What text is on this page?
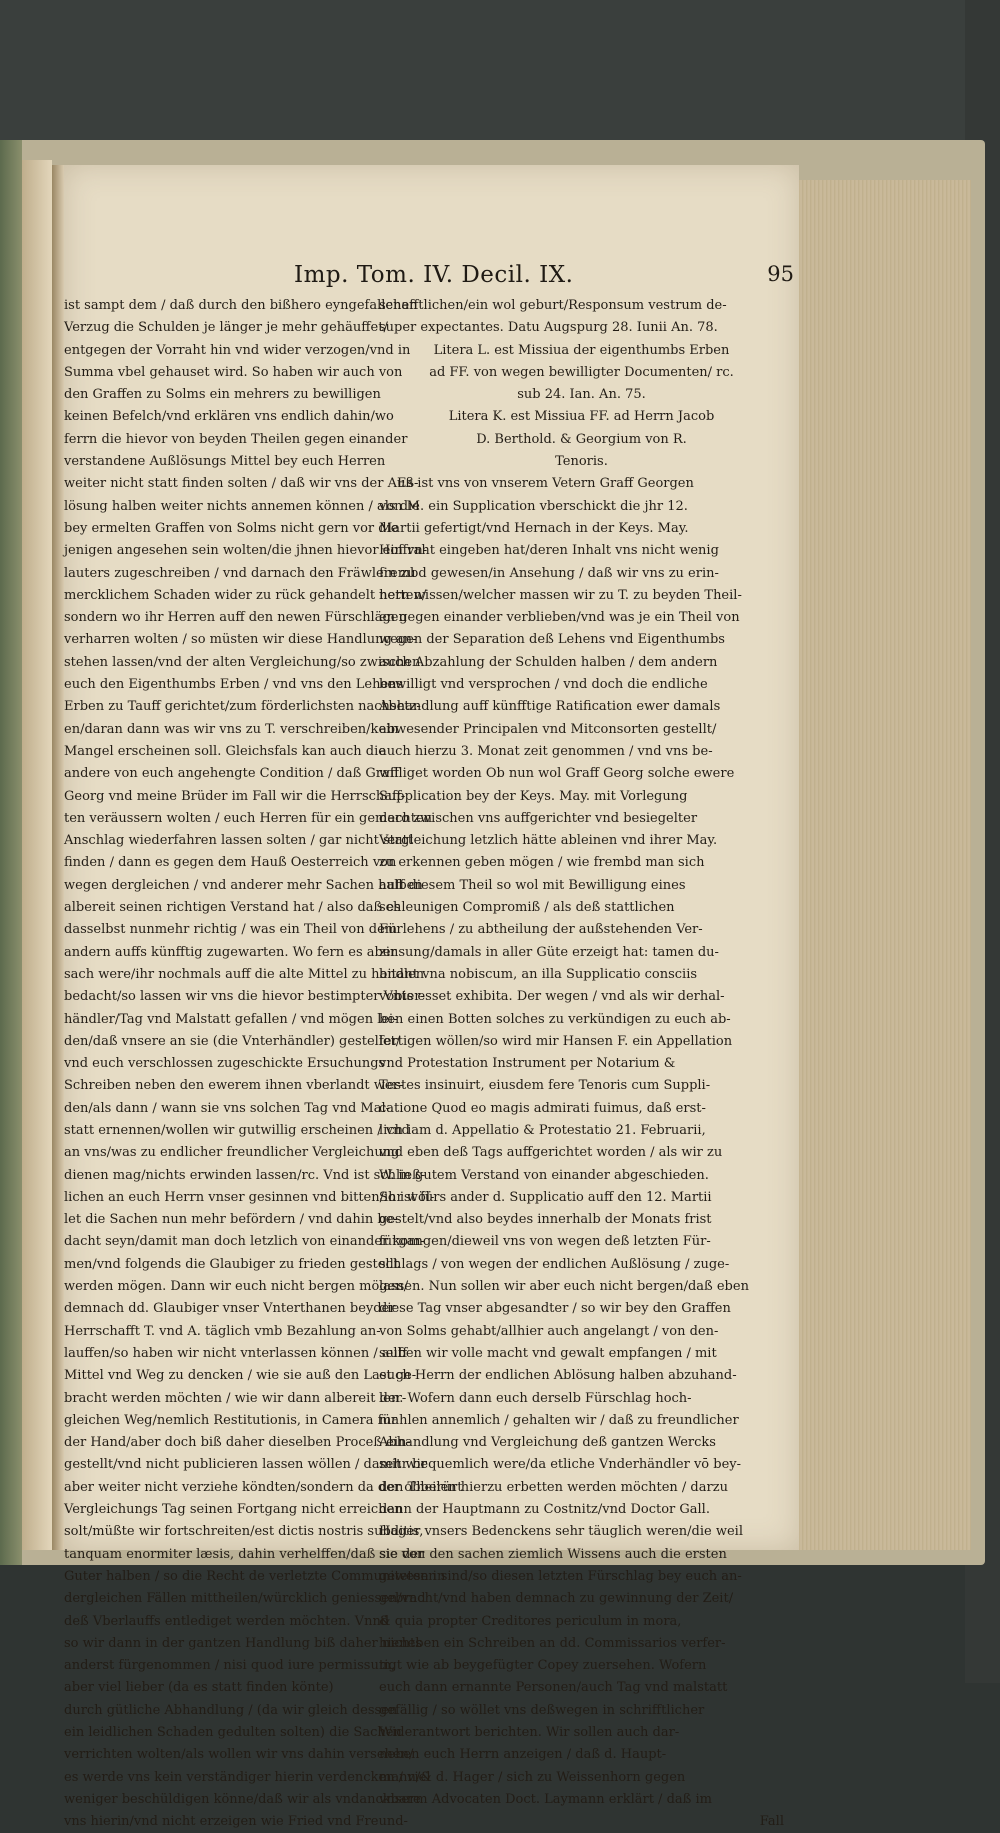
Imp. Tom. IV. Decil. IX.	95
ist sampt dem / daß durch den bißhero eyngefallenen
Verzug die Schulden je länger je mehr gehäuffet/
entgegen der Vorraht hin vnd wider verzogen/vnd in
Summa vbel gehauset wird. So haben wir auch von
den Graffen zu Solms ein mehrers zu bewilligen
keinen Befelch/vnd erklären vns endlich dahin/wo
ferrn die hievor von beyden Theilen gegen einander
verstandene Außlösungs Mittel bey euch Herren
weiter nicht statt finden solten / daß wir vns der Auß-
lösung halben weiter nichts annemen können / als die
bey ermelten Graffen von Solms nicht gern vor die
jenigen angesehen sein wolten/die jhnen hievor ein vn-
lauters zugeschreiben / vnd darnach den Fräwlein zu
mercklichem Schaden wider zu rück gehandelt hetten/
sondern wo ihr Herren auff den newen Fürschlägen
verharren wolten / so müsten wir diese Handlung an-
stehen lassen/vnd der alten Vergleichung/so zwischen
euch den Eigenthumbs Erben / vnd vns den Lehens
Erben zu Tauff gerichtet/zum förderlichsten nachsetz-
en/daran dann was wir vns zu T. verschreiben/kein
Mangel erscheinen soll. Gleichsfals kan auch die
andere von euch angehengte Condition / daß Graff
Georg vnd meine Brüder im Fall wir die Herrschaff-
ten veräussern wolten / euch Herren für ein gemachten
Anschlag wiederfahren lassen solten / gar nicht statt
finden / dann es gegen dem Hauß Oesterreich von
wegen dergleichen / vnd anderer mehr Sachen halben
albereit seinen richtigen Verstand hat / also daß es
dasselbst nunmehr richtig / was ein Theil von dem
andern auffs künfftig zugewarten. Wo fern es aber
sach were/ihr nochmals auff die alte Mittel zu handlen
bedacht/so lassen wir vns die hievor bestimpter Vnter-
händler/Tag vnd Malstatt gefallen / vnd mögen lei-
den/daß vnsere an sie (die Vnterhändler) gestellet/
vnd euch verschlossen zugeschickte Ersuchungs
Schreiben neben den ewerem ihnen vberlandt wer-
den/als dann / wann sie vns solchen Tag vnd Mal-
statt ernennen/wollen wir gutwillig erscheinen / vnd
an vns/was zu endlicher freundlicher Vergleichung
dienen mag/nichts erwinden lassen/rc. Vnd ist schließ-
lichen an euch Herrn vnser gesinnen vnd bitten/ihr wöl-
let die Sachen nun mehr befördern / vnd dahin be-
dacht seyn/damit man doch letzlich von einander kom-
men/vnd folgends die Glaubiger zu frieden gestellt
werden mögen. Dann wir euch nicht bergen mögen/
demnach dd. Glaubiger vnser Vnterthanen beyder
Herrschafft T. vnd A. täglich vmb Bezahlung an-
lauffen/so haben wir nicht vnterlassen können / auff
Mittel vnd Weg zu dencken / wie sie auß den Last ge-
bracht werden möchten / wie wir dann albereit der-
gleichen Weg/nemlich Restitutionis, in Camera für
der Hand/aber doch biß daher dieselben Proceß ein-
gestellt/vnd nicht publicieren lassen wöllen / damit wir
aber weiter nicht verziehe köndten/sondern da der obberürt
Vergleichungs Tag seinen Fortgang nicht erreichen
solt/müßte wir fortschreiten/est dictis nostris subditis,
tanquam enormiter læsis, dahin verhelffen/daß sie der
Guter halben / so die Recht de verletzte Communiteten in
dergleichen Fällen mittheilen/würcklich geniessen/vnd
deß Vberlauffs entlediget werden möchten. Vnnd
so wir dann in der gantzen Handlung biß daher nichts
anderst fürgenommen / nisi quod iure permissum,
aber viel lieber (da es statt finden könte)
durch gütliche Abhandlung / (da wir gleich dessen
ein leidlichen Schaden gedulten solten) die Sachen
verrichten wolten/als wollen wir vns dahin versehen/
es werde vns kein verständiger hierin verdencken / viel
weniger beschüldigen könne/daß wir als vndanckbare
vns hierin/vnd nicht erzeigen wie Fried vnd Freund-
schafftlichen/ein wol geburt/Responsum vestrum de-
super expectantes. Datu Augspurg 28. Iunii An. 78.
Litera L. est Missiua der eigenthumbs Erben
ad FF. von wegen bewilligter Documenten/ rc.
sub 24. Ian. An. 75.
Litera K. est Missiua FF. ad Herrn Jacob
D. Berthold. & Georgium von R.
Tenoris.
Es ist vns von vnserem Vetern Graff Georgen
von M. ein Supplication vberschickt die jhr 12.
Martii gefertigt/vnd Hernach in der Keys. May.
Hoffraht eingeben hat/deren Inhalt vns nicht wenig
frembd gewesen/in Ansehung / daß wir vns zu erin-
nern wissen/welcher massen wir zu T. zu beyden Theil-
en gegen einander verblieben/vnd was je ein Theil von
wegen der Separation deß Lehens vnd Eigenthumbs
auch Abzahlung der Schulden halben / dem andern
bewilligt vnd versprochen / vnd doch die endliche
Abhandlung auff künfftige Ratification ewer damals
abwesender Principalen vnd Mitconsorten gestellt/
auch hierzu 3. Monat zeit genommen / vnd vns be-
williget worden Ob nun wol Graff Georg solche ewere
Supplication bey der Keys. May. mit Vorlegung
dero zwischen vns auffgerichter vnd besiegelter
Vergleichung letzlich hätte ableinen vnd ihrer May.
zu erkennen geben mögen / wie frembd man sich
auff diesem Theil so wol mit Bewilligung eines
schleunigen Compromiß / als deß stattlichen
Fürlehens / zu abtheilung der außstehenden Ver-
zinsung/damals in aller Güte erzeigt hat: tamen du-
bitant vna nobiscum, an illa Supplicatio consciis
vobis esset exhibita. Der wegen / vnd als wir derhal-
ben einen Botten solches zu verkündigen zu euch ab-
fertigen wöllen/so wird mir Hansen F. ein Appellation
vnd Protestation Instrument per Notarium &
Testes insinuirt, eiusdem fere Tenoris cum Suppli-
catione Quod eo magis admirati fuimus, daß erst-
lich iam d. Appellatio & Protestatio 21. Februarii,
vnd eben deß Tags auffgerichtet worden / als wir zu
W. in gutem Verstand von einander abgeschieden.
So ist fürs ander d. Supplicatio auff den 12. Martii
gestelt/vnd also beydes innerhalb der Monats frist
fürgangen/dieweil vns von wegen deß letzten Für-
schlags / von wegen der endlichen Außlösung / zuge-
lassen. Nun sollen wir aber euch nicht bergen/daß eben
diese Tag vnser abgesandter / so wir bey den Graffen
von Solms gehabt/allhier auch angelangt / von den-
selben wir volle macht vnd gewalt empfangen / mit
euch Herrn der endlichen Ablösung halben abzuhand-
len. Wofern dann euch derselb Fürschlag hoch-
mahlen annemlich / gehalten wir / daß zu freundlicher
Abhandlung vnd Vergleichung deß gantzen Wercks
sehr bequemlich were/da etliche Vnderhändler vō bey-
den Theilen hierzu erbetten werden möchten / darzu
dann der Hauptmann zu Costnitz/vnd Doctor Gall.
Hager vnsers Bedenckens sehr täuglich weren/die weil
sie von den sachen ziemlich Wissens auch die ersten
gewesen sind/so diesen letzten Fürschlag bey euch an-
gebracht/vnd haben demnach zu gewinnung der Zeit/
& quia propter Creditores periculum in mora,
hieneben ein Schreiben an dd. Commissarios verfer-
tigt wie ab beygefügter Copey zuersehen. Wofern
euch dann ernannte Personen/auch Tag vnd malstatt
gefällig / so wöllet vns deßwegen in schrifftlicher
Widerantwort berichten. Wir sollen auch dar-
neben euch Herrn anzeigen / daß d. Haupt-
mann/& d. Hager / sich zu Weissenhorn gegen
vnserm Advocaten Doct. Laymann erklärt / daß im
Fall
